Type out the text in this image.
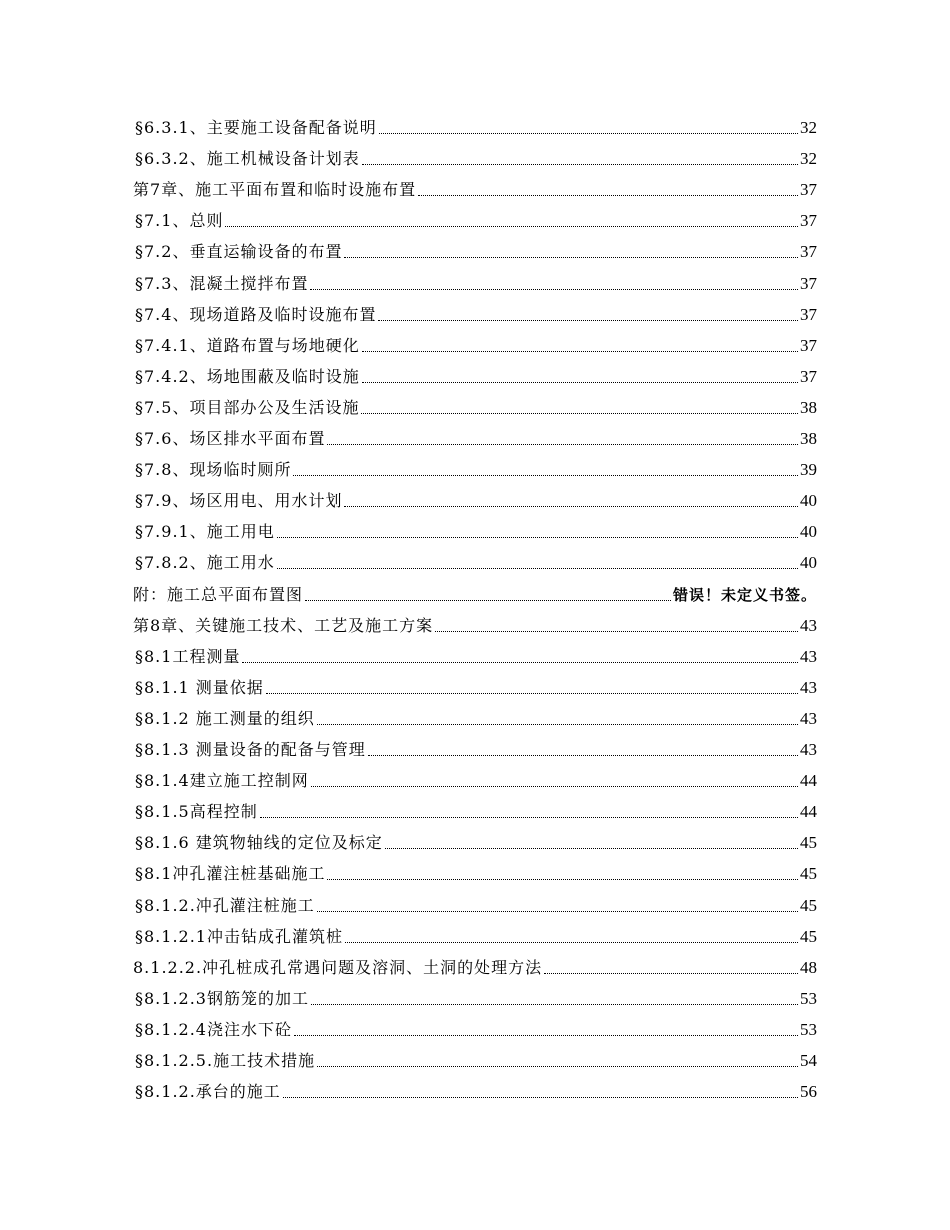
§6.3.1、主要施工设备配备说明	32
§6.3.2、施工机械设备计划表	32
第7章、施工平面布置和临时设施布置	37
§7.1、总则	37
§7.2、垂直运输设备的布置	37
§7.3、混凝土搅拌布置	37
§7.4、现场道路及临时设施布置	37
§7.4.1、道路布置与场地硬化	37
§7.4.2、场地围蔽及临时设施	37
§7.5、项目部办公及生活设施	38
§7.6、场区排水平面布置	38
§7.8、现场临时厕所	39
§7.9、场区用电、用水计划	40
§7.9.1、施工用电	40
§7.8.2、施工用水	40
附：施工总平面布置图	错误！未定义书签。
第8章、关键施工技术、工艺及施工方案	43
§8.1工程测量	43
§8.1.1 测量依据	43
§8.1.2 施工测量的组织	43
§8.1.3 测量设备的配备与管理	43
§8.1.4建立施工控制网	44
§8.1.5高程控制	44
§8.1.6 建筑物轴线的定位及标定	45
§8.1冲孔灌注桩基础施工	45
§8.1.2.冲孔灌注桩施工	45
§8.1.2.1冲击钻成孔灌筑桩	45
8.1.2.2.冲孔桩成孔常遇问题及溶洞、土洞的处理方法	48
§8.1.2.3钢筋笼的加工	53
§8.1.2.4浇注水下砼	53
§8.1.2.5.施工技术措施	54
§8.1.2.承台的施工	56
